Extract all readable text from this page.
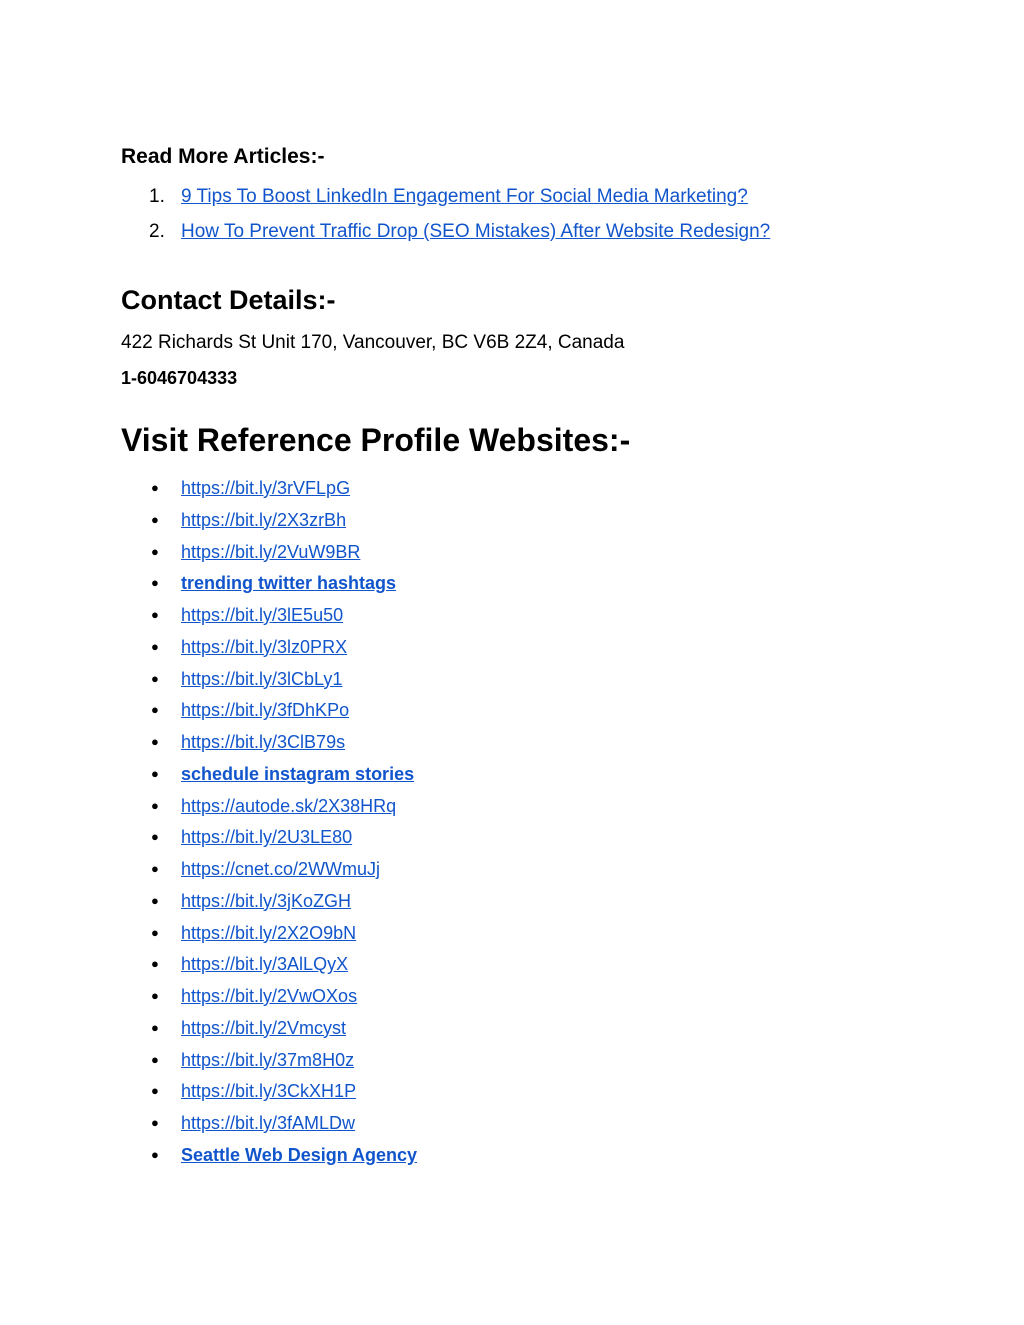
Read More Articles:-
1. 9 Tips To Boost LinkedIn Engagement For Social Media Marketing?
2. How To Prevent Traffic Drop (SEO Mistakes) After Website Redesign?
Contact Details:-
422 Richards St Unit 170, Vancouver, BC V6B 2Z4, Canada
1-6046704333
Visit Reference Profile Websites:-
● https://bit.ly/3rVFLpG
● https://bit.ly/2X3zrBh
● https://bit.ly/2VuW9BR
● trending twitter hashtags
● https://bit.ly/3lE5u50
● https://bit.ly/3lz0PRX
● https://bit.ly/3lCbLy1
● https://bit.ly/3fDhKPo
● https://bit.ly/3ClB79s
● schedule instagram stories
● https://autode.sk/2X38HRq
● https://bit.ly/2U3LE80
● https://cnet.co/2WWmuJj
● https://bit.ly/3jKoZGH
● https://bit.ly/2X2O9bN
● https://bit.ly/3AlLQyX
● https://bit.ly/2VwOXos
● https://bit.ly/2Vmcyst
● https://bit.ly/37m8H0z
● https://bit.ly/3CkXH1P
● https://bit.ly/3fAMLDw
● Seattle Web Design Agency
